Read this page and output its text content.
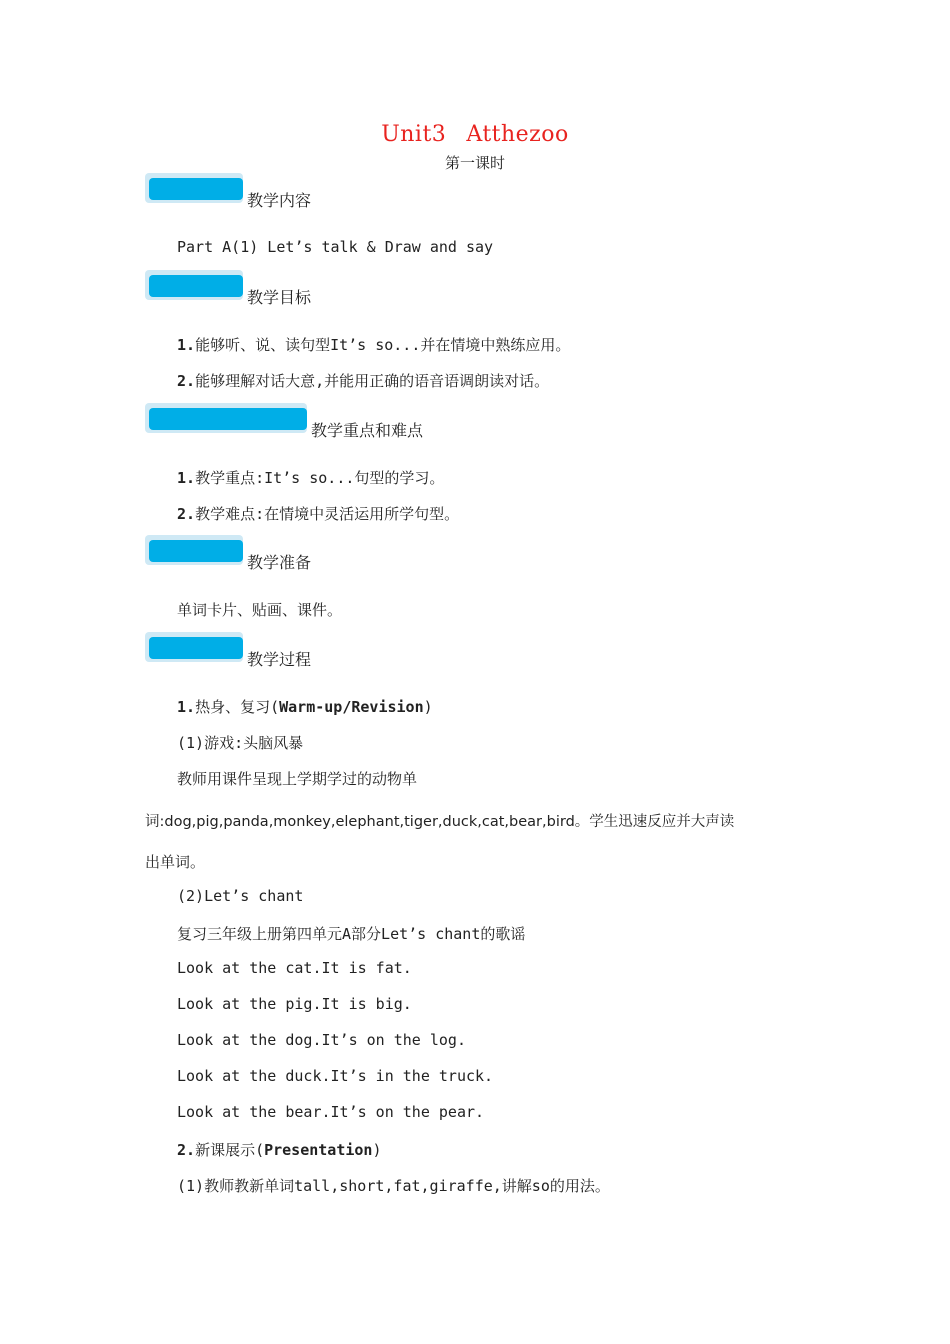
Unit3 Atthezoo
第一课时
教学内容
Part A(1) Let’s talk & Draw and say
教学目标
1.能够听、说、读句型It’s so...并在情境中熟练应用。
2.能够理解对话大意,并能用正确的语音语调朗读对话。
教学重点和难点
1.教学重点:It’s so...句型的学习。
2.教学难点:在情境中灵活运用所学句型。
教学准备
单词卡片、贴画、课件。
教学过程
1.热身、复习(Warm-up/Revision)
(1)游戏:头脑风暴
教师用课件呈现上学期学过的动物单
词:dog,pig,panda,monkey,elephant,tiger,duck,cat,bear,bird。学生迅速反应并大声读
出单词。
(2)Let’s chant
复习三年级上册第四单元A部分Let’s chant的歌谣
Look at the cat.It is fat.
Look at the pig.It is big.
Look at the dog.It’s on the log.
Look at the duck.It’s in the truck.
Look at the bear.It’s on the pear.
2.新课展示(Presentation)
(1)教师教新单词tall,short,fat,giraffe,讲解so的用法。
